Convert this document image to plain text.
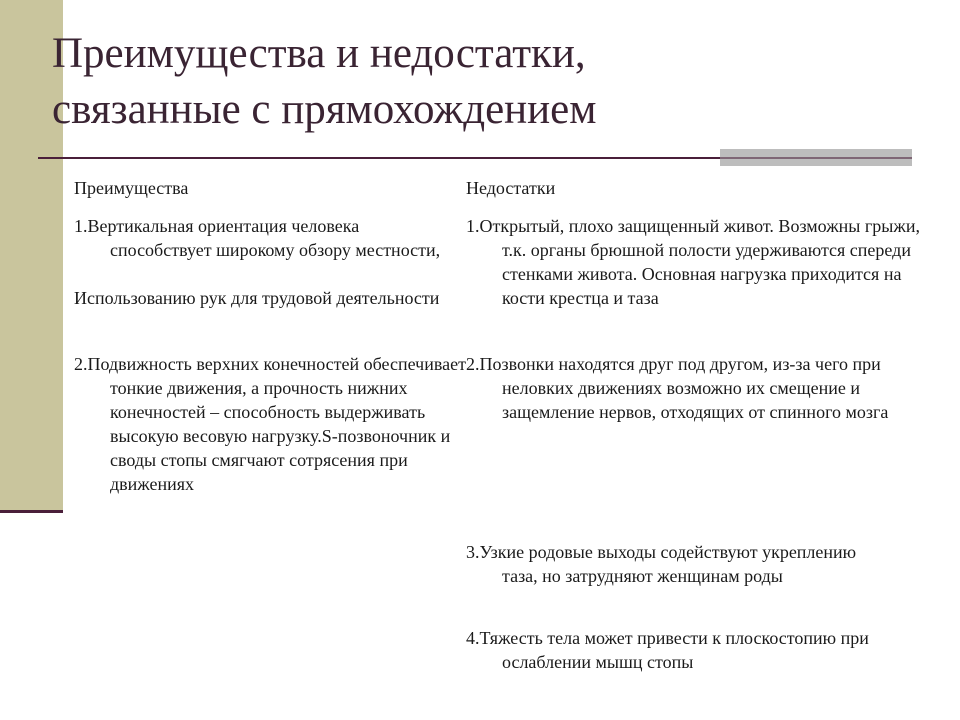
Преимущества и недостатки,
связанные с прямохождением
Преимущества	Недостатки

1.Вертикальная ориентация человека способствует широкому обзору местности,

Использованию рук для трудовой деятельности

2.Подвижность верхних конечностей обеспечивает тонкие движения, а прочность нижних конечностей – способность выдерживать высокую весовую нагрузку.S-позвоночник и своды стопы смягчают сотрясения при движениях

1.Открытый, плохо защищенный живот. Возможны грыжи, т.к. органы брюшной полости удерживаются спереди стенками живота. Основная нагрузка приходится на кости крестца и таза

2.Позвонки находятся друг под другом, из-за чего при неловких движениях возможно их смещение и защемление нервов, отходящих от спинного мозга

3.Узкие родовые выходы содействуют укреплению таза, но затрудняют женщинам роды

4.Тяжесть тела может привести к плоскостопию при ослаблении мышц стопы
